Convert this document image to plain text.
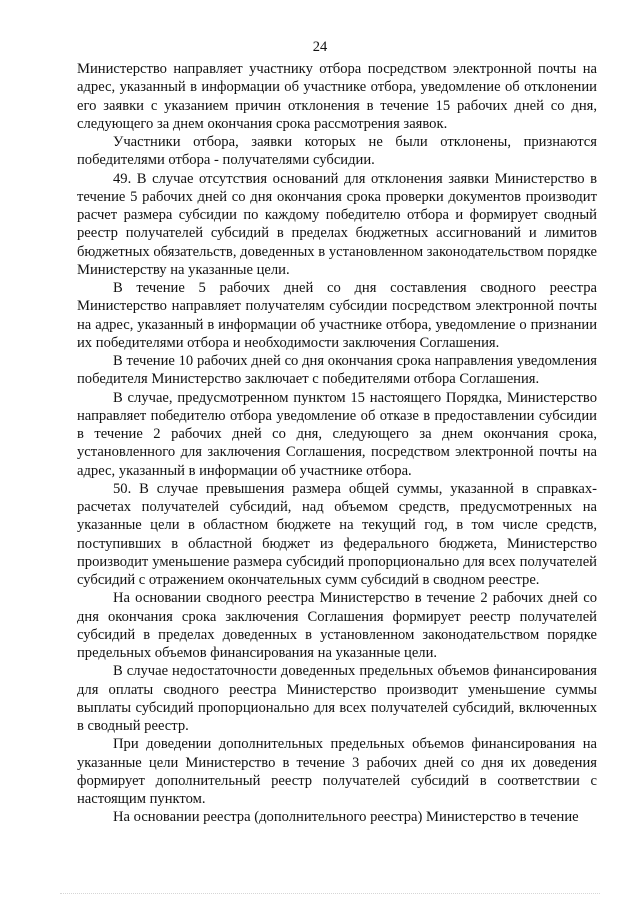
24

Министерство направляет участнику отбора посредством электронной почты на адрес, указанный в информации об участнике отбора, уведомление об отклонении его заявки с указанием причин отклонения в течение 15 рабочих дней со дня, следующего за днем окончания срока рассмотрения заявок.

Участники отбора, заявки которых не были отклонены, признаются победителями отбора - получателями субсидии.

49. В случае отсутствия оснований для отклонения заявки Министерство в течение 5 рабочих дней со дня окончания срока проверки документов производит расчет размера субсидии по каждому победителю отбора и формирует сводный реестр получателей субсидий в пределах бюджетных ассигнований и лимитов бюджетных обязательств, доведенных в установленном законодательством порядке Министерству на указанные цели.

В течение 5 рабочих дней со дня составления сводного реестра Министерство направляет получателям субсидии посредством электронной почты на адрес, указанный в информации об участнике отбора, уведомление о признании их победителями отбора и необходимости заключения Соглашения.

В течение 10 рабочих дней со дня окончания срока направления уведомления победителя Министерство заключает с победителями отбора Соглашения.

В случае, предусмотренном пунктом 15 настоящего Порядка, Министерство направляет победителю отбора уведомление об отказе в предоставлении субсидии в течение 2 рабочих дней со дня, следующего за днем окончания срока, установленного для заключения Соглашения, посредством электронной почты на адрес, указанный в информации об участнике отбора.

50. В случае превышения размера общей суммы, указанной в справках-расчетах получателей субсидий, над объемом средств, предусмотренных на указанные цели в областном бюджете на текущий год, в том числе средств, поступивших в областной бюджет из федерального бюджета, Министерство производит уменьшение размера субсидий пропорционально для всех получателей субсидий с отражением окончательных сумм субсидий в сводном реестре.

На основании сводного реестра Министерство в течение 2 рабочих дней со дня окончания срока заключения Соглашения формирует реестр получателей субсидий в пределах доведенных в установленном законодательством порядке предельных объемов финансирования на указанные цели.

В случае недостаточности доведенных предельных объемов финансирования для оплаты сводного реестра Министерство производит уменьшение суммы выплаты субсидий пропорционально для всех получателей субсидий, включенных в сводный реестр.

При доведении дополнительных предельных объемов финансирования на указанные цели Министерство в течение 3 рабочих дней со дня их доведения формирует дополнительный реестр получателей субсидий в соответствии с настоящим пунктом.

На основании реестра (дополнительного реестра) Министерство в течение
